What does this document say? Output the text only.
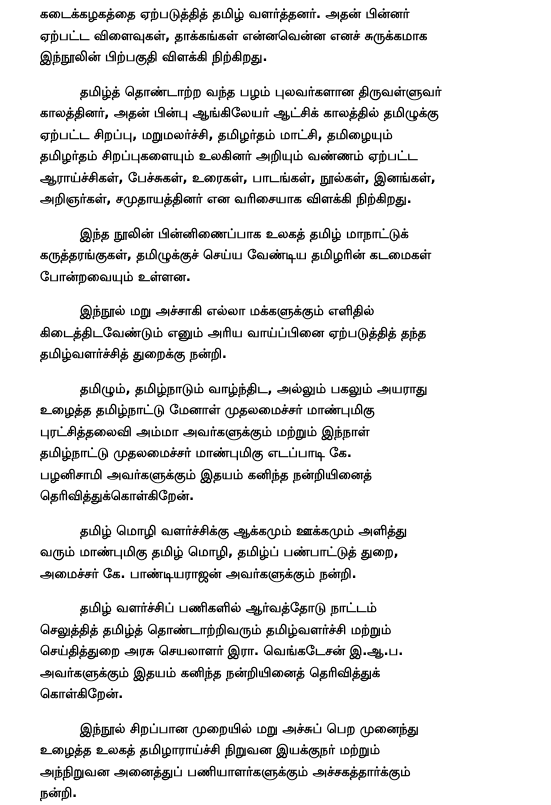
கடைக்கழகத்தை ஏற்படுத்தித் தமிழ் வளர்த்தனர். அதன் பின்னர்
ஏற்பட்ட விளைவுகள், தாக்கங்கள் என்னவென்ன எனச் சுருக்கமாக
இந்நூலின் பிற்பகுதி விளக்கி நிற்கிறது.

தமிழ்த் தொண்டாற்ற வந்த பழம் புலவர்களான திருவள்ளுவர்
காலத்தினர், அதன் பின்பு ஆங்கிலேயர் ஆட்சிக் காலத்தில் தமிழுக்கு
ஏற்பட்ட சிறப்பு, மறுமலர்ச்சி, தமிழர்தம் மாட்சி, தமிழையும்
தமிழர்தம் சிறப்புகளையும் உலகினர் அறியும் வண்ணம் ஏற்பட்ட
ஆராய்ச்சிகள், பேச்சுகள், உரைகள், பாடங்கள், நூல்கள், இனங்கள்,
அறிஞர்கள், சமுதாயத்தினர் என வரிசையாக விளக்கி நிற்கிறது.

இந்த நூலின் பின்னிணைப்பாக உலகத் தமிழ் மாநாட்டுக்
கருத்தரங்குகள், தமிழுக்குச் செய்ய வேண்டிய தமிழரின் கடமைகள்
போன்றவையும் உள்ளன.

இந்நூல் மறு அச்சாகி எல்லா மக்களுக்கும் எளிதில்
கிடைத்திடவேண்டும் எனும் அரிய வாய்ப்பினை ஏற்படுத்தித் தந்த
தமிழ்வளர்ச்சித் துறைக்கு நன்றி.

தமிழும், தமிழ்நாடும் வாழ்ந்திட, அல்லும் பகலும் அயராது
உழைத்த தமிழ்நாட்டு மேனாள் முதலமைச்சர் மாண்புமிகு
புரட்சித்தலைவி அம்மா அவர்களுக்கும் மற்றும் இந்நாள்
தமிழ்நாட்டு முதலமைச்சர் மாண்புமிகு எடப்பாடி கே.
பழனிசாமி அவர்களுக்கும் இதயம் கனிந்த நன்றியினைத்
தெரிவித்துக்கொள்கிறேன்.

தமிழ் மொழி வளர்ச்சிக்கு ஆக்கமும் ஊக்கமும் அளித்து
வரும் மாண்புமிகு தமிழ் மொழி, தமிழ்ப் பண்பாட்டுத் துறை,
அமைச்சர் கே. பாண்டியராஜன் அவர்களுக்கும் நன்றி.

தமிழ் வளர்ச்சிப் பணிகளில் ஆர்வத்தோடு நாட்டம்
செலுத்தித் தமிழ்த் தொண்டாற்றிவரும் தமிழ்வளர்ச்சி மற்றும்
செய்தித்துறை அரசு செயலாளர் இரா. வெங்கடேசன் இ.ஆ.ப.
அவர்களுக்கும் இதயம் கனிந்த நன்றியினைத் தெரிவித்துக்
கொள்கிறேன்.

இந்நூல் சிறப்பான முறையில் மறு அச்சுப் பெற முனைந்து
உழைத்த உலகத் தமிழாராய்ச்சி நிறுவன இயக்குநர் மற்றும்
அந்நிறுவன அனைத்துப் பணியாளர்களுக்கும் அச்சகத்தார்க்கும்
நன்றி.
